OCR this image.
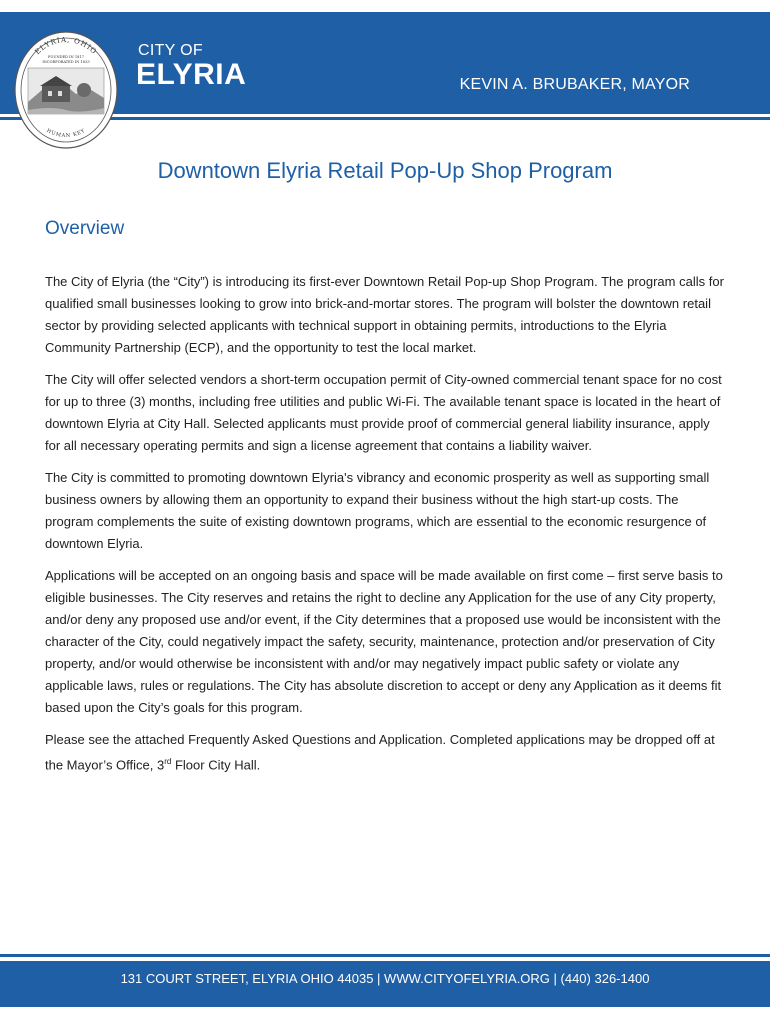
ELYRIA, OHIO
FOUNDED IN 1817
INCORPORATED IN 1833
HUMAN KEY
CITY OF
ELYRIA	KEVIN A. BRUBAKER, MAYOR
Downtown Elyria Retail Pop-Up Shop Program
Overview

The City of Elyria (the “City”) is introducing its first-ever Downtown Retail Pop-up Shop Program. The program calls for qualified small businesses looking to grow into brick-and-mortar stores. The program will bolster the downtown retail sector by providing selected applicants with technical support in obtaining permits, introductions to the Elyria Community Partnership (ECP), and the opportunity to test the local market.

The City will offer selected vendors a short-term occupation permit of City-owned commercial tenant space for no cost for up to three (3) months, including free utilities and public Wi-Fi. The available tenant space is located in the heart of downtown Elyria at City Hall. Selected applicants must provide proof of commercial general liability insurance, apply for all necessary operating permits and sign a license agreement that contains a liability waiver.

The City is committed to promoting downtown Elyria's vibrancy and economic prosperity as well as supporting small business owners by allowing them an opportunity to expand their business without the high start-up costs. The program complements the suite of existing downtown programs, which are essential to the economic resurgence of downtown Elyria.

Applications will be accepted on an ongoing basis and space will be made available on first come – first serve basis to eligible businesses. The City reserves and retains the right to decline any Application for the use of any City property, and/or deny any proposed use and/or event, if the City determines that a proposed use would be inconsistent with the character of the City, could negatively impact the safety, security, maintenance, protection and/or preservation of City property, and/or would otherwise be inconsistent with and/or may negatively impact public safety or violate any applicable laws, rules or regulations. The City has absolute discretion to accept or deny any Application as it deems fit based upon the City’s goals for this program.

Please see the attached Frequently Asked Questions and Application. Completed applications may be dropped off at the Mayor’s Office, 3rd Floor City Hall.

131 COURT STREET, ELYRIA OHIO 44035 | WWW.CITYOFELYRIA.ORG | (440) 326-1400
